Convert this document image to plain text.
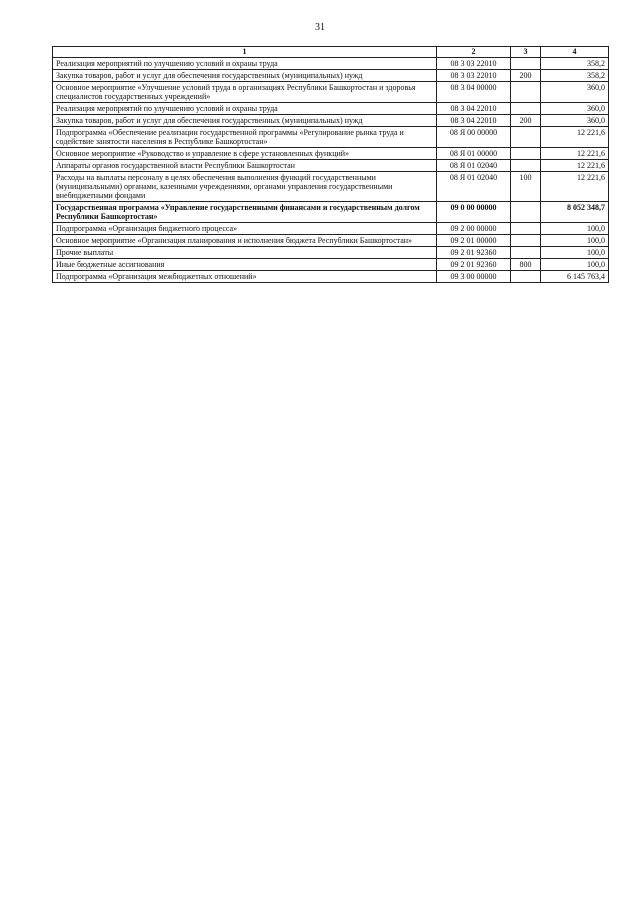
31
1	2	3	4
Реализация мероприятий по улучшению условий и охраны труда	08 3 03 22010		358,2
Закупка товаров, работ и услуг для обеспечения государственных (муниципальных) нужд	08 3 03 22010	200	358,2
Основное мероприятие «Улучшение условий труда в организациях Республики Башкортостан и здоровья специалистов государственных учреждений»	08 3 04 00000		360,0
Реализация мероприятий по улучшению условий и охраны труда	08 3 04 22010		360,0
Закупка товаров, работ и услуг для обеспечения государственных (муниципальных) нужд	08 3 04 22010	200	360,0
Подпрограмма «Обеспечение реализации государственной программы «Регулирование рынка труда и содействие занятости населения в Республике Башкортостан»	08 Я 00 00000		12 221,6
Основное мероприятие «Руководство и управление в сфере установленных функций»	08 Я 01 00000		12 221,6
Аппараты органов государственной власти Республики Башкортостан	08 Я 01 02040		12 221,6
Расходы на выплаты персоналу в целях обеспечения выполнения функций государственными (муниципальными) органами, казенными учреждениями, органами управления государственными внебюджетными фондами	08 Я 01 02040	100	12 221,6
Государственная программа «Управление государственными финансами и государственным долгом Республики Башкортостан»	09 0 00 00000		8 052 348,7
Подпрограмма «Организация бюджетного процесса»	09 2 00 00000		100,0
Основное мероприятие «Организация планирования и исполнения бюджета Республики Башкортостан»	09 2 01 00000		100,0
Прочие выплаты	09 2 01 92360		100,0
Иные бюджетные ассигнования	09 2 01 92360	800	100,0
Подпрограмма «Организация межбюджетных отношений»	09 3 00 00000		6 145 763,4
